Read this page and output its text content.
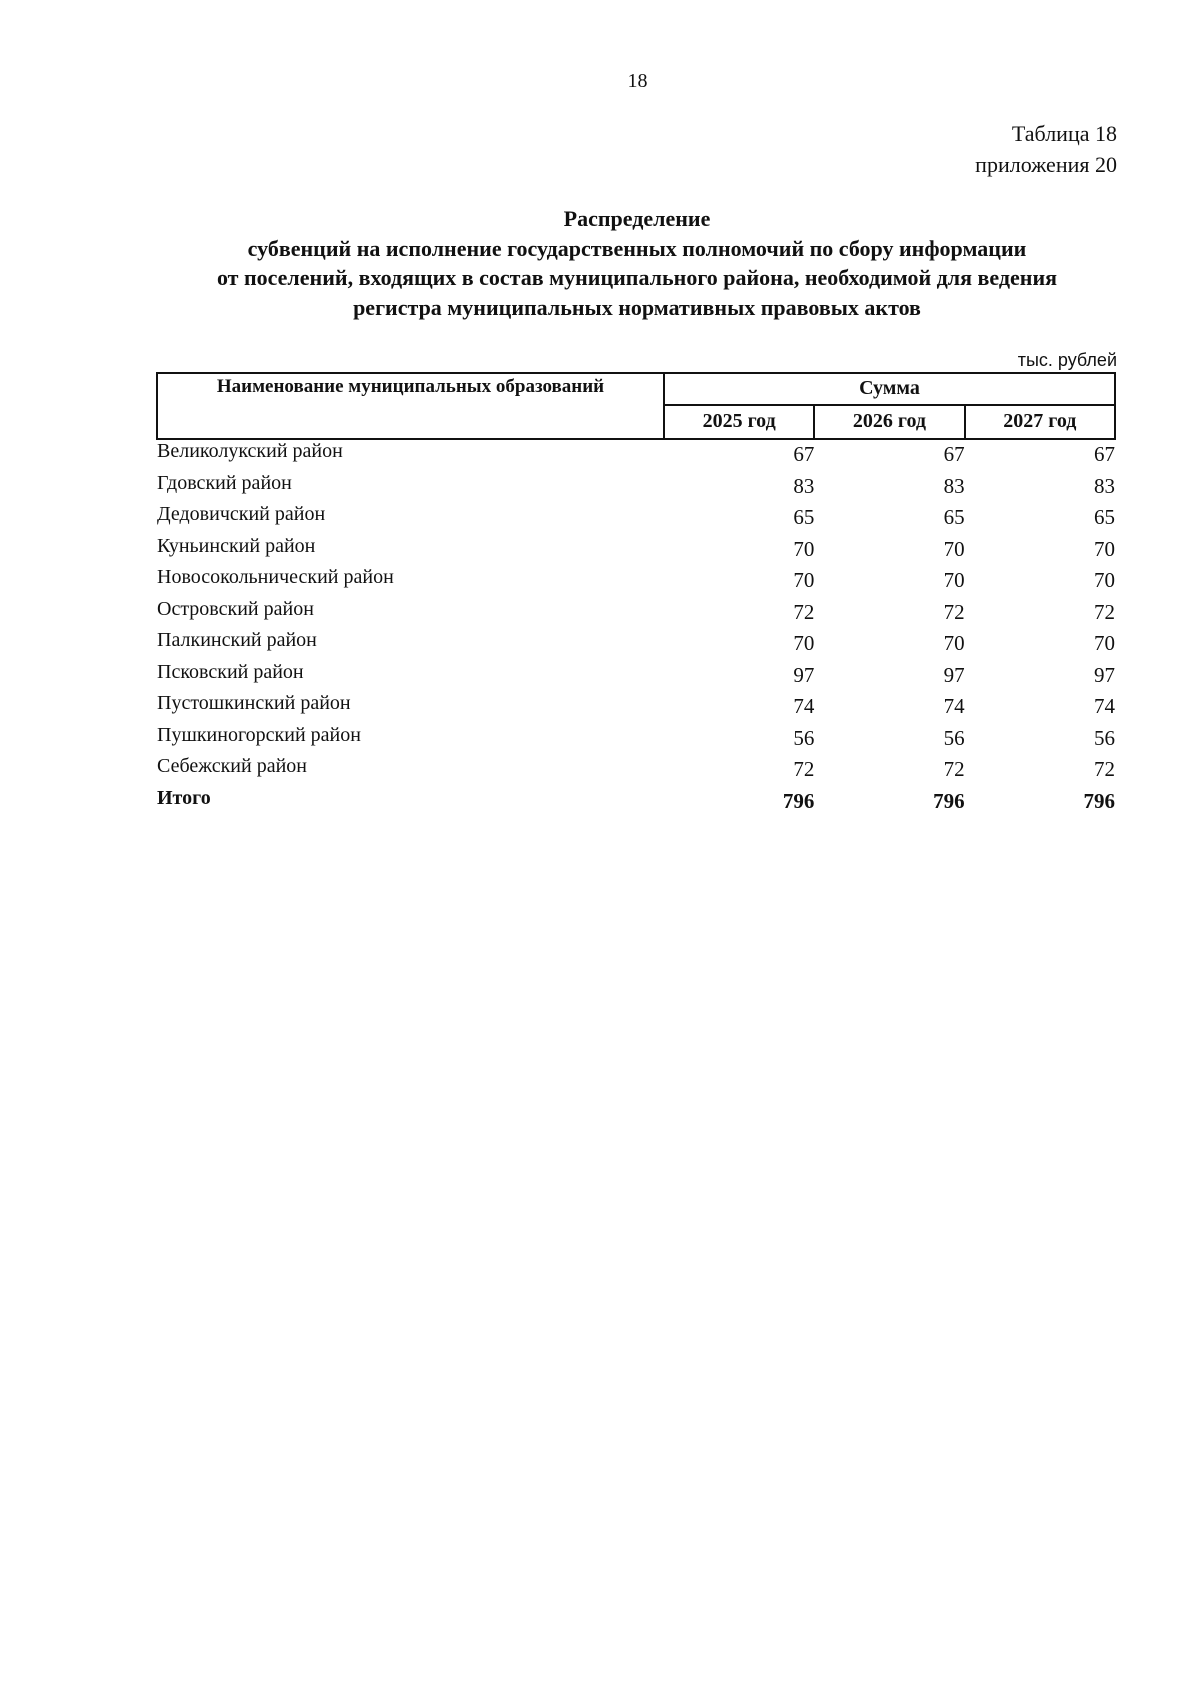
18
Таблица 18
приложения 20
Распределение
субвенций на исполнение государственных полномочий по сбору информации
от поселений, входящих в состав муниципального района, необходимой для ведения
регистра муниципальных нормативных правовых актов
тыс. рублей
Наименование муниципальных образований	Сумма		
	2025 год	2026 год	2027 год
Великолукский район	67	67	67
Гдовский район	83	83	83
Дедовичский район	65	65	65
Куньинский район	70	70	70
Новосокольнический район	70	70	70
Островский район	72	72	72
Палкинский район	70	70	70
Псковский район	97	97	97
Пустошкинский район	74	74	74
Пушкиногорский район	56	56	56
Себежский район	72	72	72
Итого	796	796	796
